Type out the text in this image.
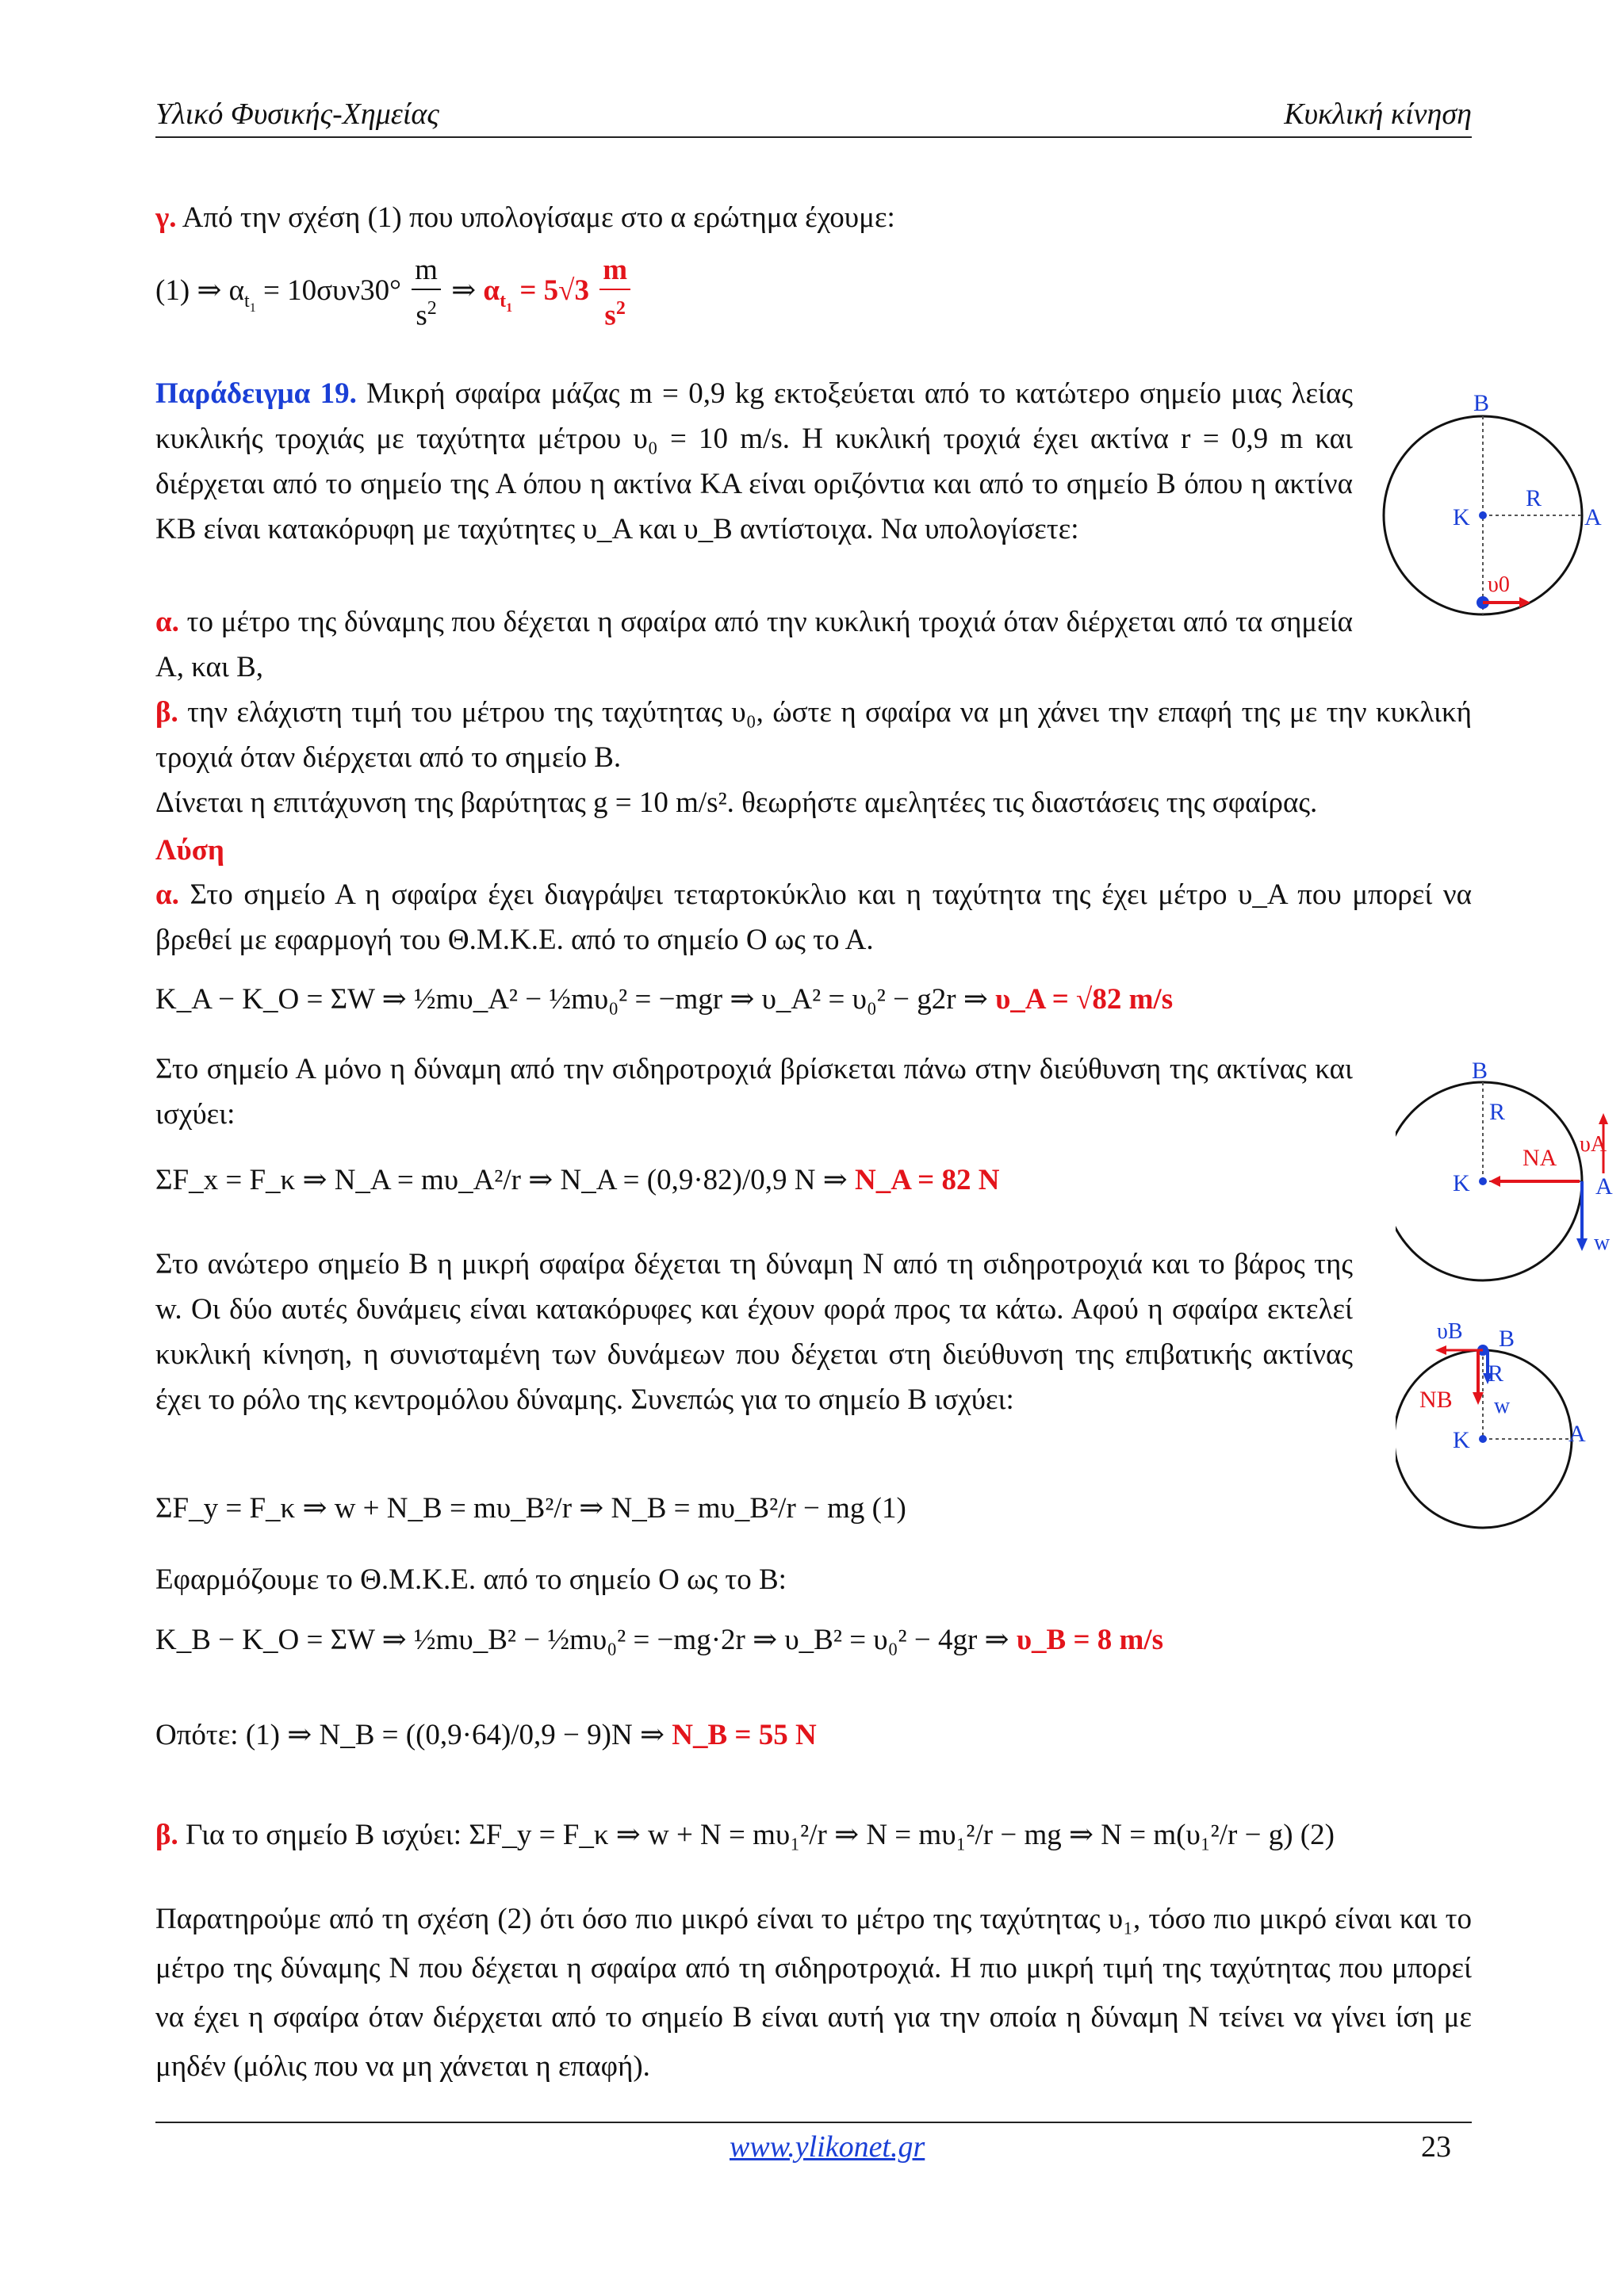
Υλικό Φυσικής-Χημείας	Κυκλική κίνηση
γ. Από την σχέση (1) που υπολογίσαμε στο α ερώτημα έχουμε:
(1) ⇒ $\alpha_{t_1} = 10\sigma\upsilon\nu 30^\circ \frac{m}{s^2}$ ⇒ $\alpha_{t_1} = 5√3 \frac{m}{s^2}$
Παράδειγμα 19. Μικρή σφαίρα μάζας m = 0,9 kg εκτοξεύεται από το κατώτερο σημείο μιας λείας κυκλικής τροχιάς με ταχύτητα μέτρου υ₀ = 10 m/s. Η κυκλική τροχιά έχει ακτίνα r = 0,9 m και διέρχεται από το σημείο της Α όπου η ακτίνα ΚΑ είναι οριζόντια και από το σημείο Β όπου η ακτίνα ΚΒ είναι κατακόρυφη με ταχύτητες υ_Α και υ_Β αντίστοιχα. Να υπολογίσετε:
α. το μέτρο της δύναμης που δέχεται η σφαίρα από την κυκλική τροχιά όταν διέρχεται από τα σημεία Α, και Β,
β. την ελάχιστη τιμή του μέτρου της ταχύτητας υ₀, ώστε η σφαίρα να μη χάνει την επαφή της με την κυκλική τροχιά όταν διέρχεται από το σημείο Β.
Δίνεται η επιτάχυνση της βαρύτητας g = 10 m/s². θεωρήστε αμελητέες τις διαστάσεις της σφαίρας.
B
K
R
A
υ0
Λύση
α. Στο σημείο Α η σφαίρα έχει διαγράψει τεταρτοκύκλιο και η ταχύτητα της έχει μέτρο υ_Α που μπορεί να βρεθεί με εφαρμογή του Θ.Μ.Κ.Ε. από το σημείο Ο ως το Α.
K_A − K_O = ΣW ⇒ ½mυ_A² − ½mυ₀² = −mgr ⇒ υ_A² = υ₀² − g2r ⇒ υ_A = √82 m/s
Στο σημείο Α μόνο η δύναμη από την σιδηροτροχιά βρίσκεται πάνω στην διεύθυνση της ακτίνας και ισχύει:
ΣF_x = F_κ ⇒ N_A = mυ_A²/r ⇒ N_A = (0,9·82)/0,9 N ⇒ N_A = 82 N
B
R
NA
υA
K	A
w
Στο ανώτερο σημείο Β η μικρή σφαίρα δέχεται τη δύναμη N από τη σιδηροτροχιά και το βάρος της w. Οι δύο αυτές δυνάμεις είναι κατακόρυφες και έχουν φορά προς τα κάτω. Αφού η σφαίρα εκτελεί κυκλική κίνηση, η συνισταμένη των δυνάμεων που δέχεται στη διεύθυνση της επιβατικής ακτίνας έχει το ρόλο της κεντρομόλου δύναμης. Συνεπώς για το σημείο Β ισχύει:
υB B
R
NB w
K	A
ΣF_y = F_κ ⇒ w + N_B = mυ_B²/r ⇒ N_B = mυ_B²/r − mg (1)
Εφαρμόζουμε το Θ.Μ.Κ.Ε. από το σημείο Ο ως το Β:
K_B − K_O = ΣW ⇒ ½mυ_B² − ½mυ₀² = −mg·2r ⇒ υ_B² = υ₀² − 4gr ⇒ υ_B = 8 m/s
Οπότε: (1) ⇒ N_B = ((0,9·64)/0,9 − 9)N ⇒ N_B = 55 N
β. Για το σημείο Β ισχύει: ΣF_y = F_κ ⇒ w + N = mυ₁²/r ⇒ N = mυ₁²/r − mg ⇒ N = m(υ₁²/r − g) (2)
Παρατηρούμε από τη σχέση (2) ότι όσο πιο μικρό είναι το μέτρο της ταχύτητας υ₁, τόσο πιο μικρό είναι και το μέτρο της δύναμης N που δέχεται η σφαίρα από τη σιδηροτροχιά. Η πιο μικρή τιμή της ταχύτητας που μπορεί να έχει η σφαίρα όταν διέρχεται από το σημείο Β είναι αυτή για την οποία η δύναμη N τείνει να γίνει ίση με μηδέν (μόλις που να μη χάνεται η επαφή).
www.ylikonet.gr	23
